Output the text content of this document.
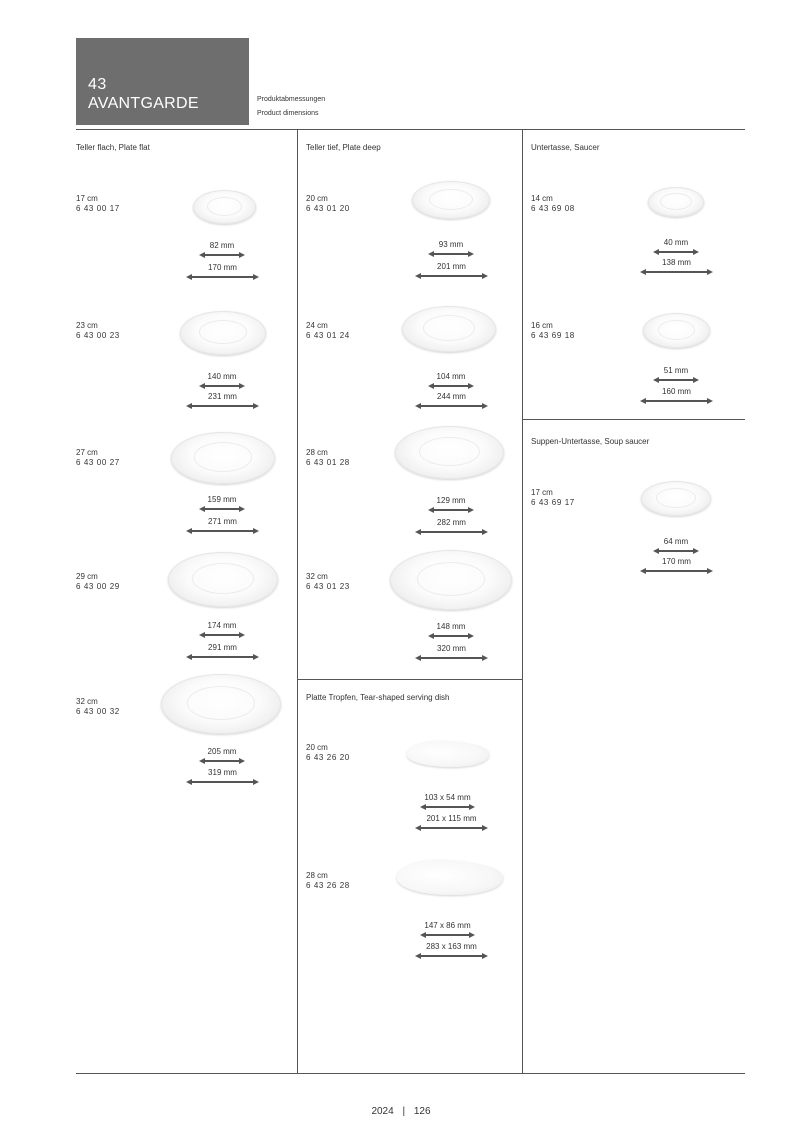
43
AVANTGARDE	Produktabmessungen
Product dimensions
Teller flach, Plate flat	Teller tief, Plate deep	Untertasse, Saucer
Suppen-Untertasse, Soup saucer
Platte Tropfen, Tear-shaped serving dish
17 cm
6 43 00 17
82 mm
170 mm
23 cm
6 43 00 23
140 mm
231 mm
27 cm
6 43 00 27
159 mm
271 mm
29 cm
6 43 00 29
174 mm
291 mm
32 cm
6 43 00 32
205 mm
319 mm
20 cm
6 43 01 20
93 mm
201 mm
24 cm
6 43 01 24
104 mm
244 mm
28 cm
6 43 01 28
129 mm
282 mm
32 cm
6 43 01 23
148 mm
320 mm
20 cm
6 43 26 20
103 x 54 mm
201 x 115 mm
28 cm
6 43 26 28
147 x 86 mm
283 x 163 mm
14 cm
6 43 69 08
40 mm
138 mm
16 cm
6 43 69 18
51 mm
160 mm
17 cm
6 43 69 17
64 mm
170 mm
2024 | 126
